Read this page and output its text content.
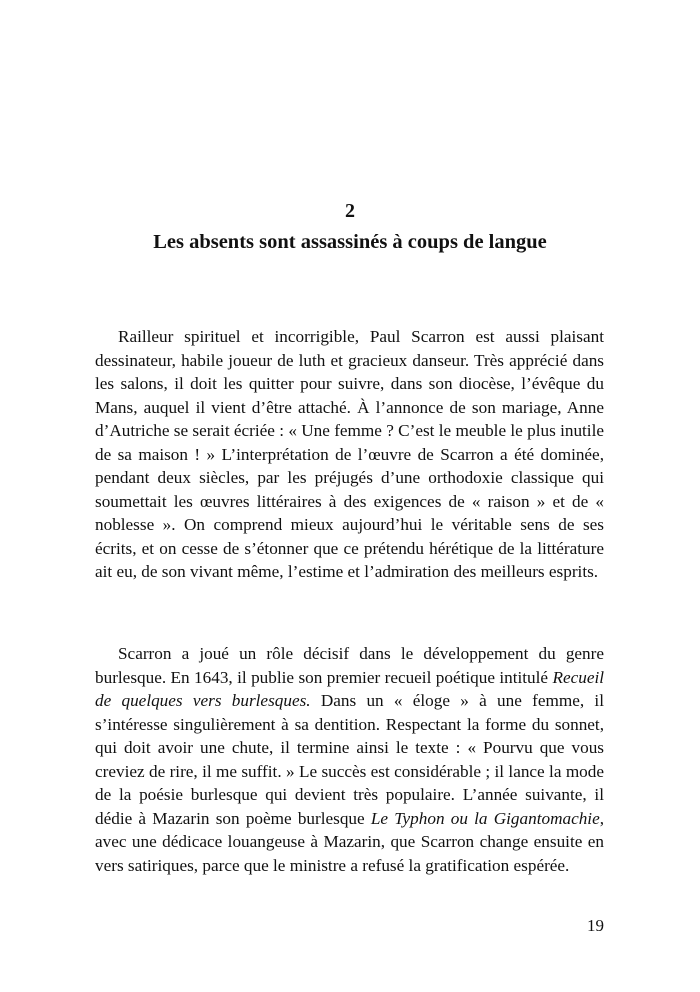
2
Les absents sont assassinés à coups de langue

Railleur spirituel et incorrigible, Paul Scarron est aussi plaisant dessinateur, habile joueur de luth et gracieux danseur. Très apprécié dans les salons, il doit les quitter pour suivre, dans son diocèse, l’évêque du Mans, auquel il vient d’être attaché. À l’annonce de son mariage, Anne d’Autriche se serait écriée : « Une femme ? C’est le meuble le plus inutile de sa maison ! » L’interprétation de l’œuvre de Scarron a été dominée, pendant deux siècles, par les préjugés d’une orthodoxie classique qui soumettait les œuvres littéraires à des exigences de « raison » et de « noblesse ». On comprend mieux aujourd’hui le véritable sens de ses écrits, et on cesse de s’étonner que ce prétendu hérétique de la littérature ait eu, de son vivant même, l’estime et l’admiration des meilleurs esprits.

Scarron a joué un rôle décisif dans le développement du genre burlesque. En 1643, il publie son premier recueil poétique intitulé Recueil de quelques vers burlesques. Dans un « éloge » à une femme, il s’intéresse singulièrement à sa dentition. Respectant la forme du sonnet, qui doit avoir une chute, il termine ainsi le texte : « Pourvu que vous creviez de rire, il me suffit. » Le succès est considérable ; il lance la mode de la poésie burlesque qui devient très populaire. L’année suivante, il dédie à Mazarin son poème burlesque Le Typhon ou la Gigantomachie, avec une dédicace louangeuse à Mazarin, que Scarron change ensuite en vers satiriques, parce que le ministre a refusé la gratification espérée.

19
